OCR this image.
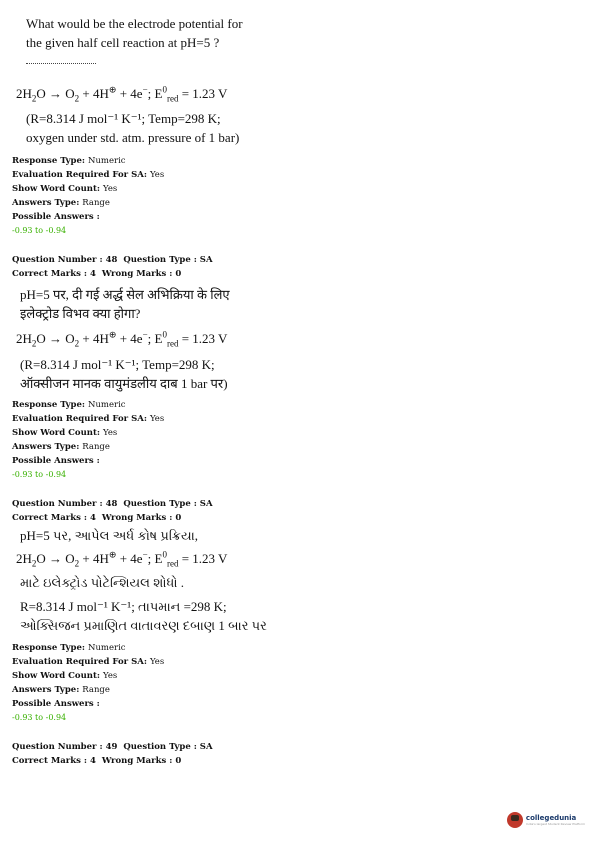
What would be the electrode potential for
the given half cell reaction at pH=5 ?
$2H_2O \to O_2 + 4H^\oplus + 4e^-$; $E^0_{red} = 1.23$ V
(R=8.314 J mol⁻¹ K⁻¹; Temp=298 K;
oxygen under std. atm. pressure of 1 bar)
Response Type: Numeric
Evaluation Required For SA: Yes
Show Word Count: Yes
Answers Type: Range
Possible Answers :
-0.93 to -0.94
Question Number : 48 Question Type : SA
Correct Marks : 4 Wrong Marks : 0
pH=5 पर, दी गई अर्द्ध सेल अभिक्रिया के लिए
इलेक्ट्रोड विभव क्या होगा?
$2H_2O \to O_2 + 4H^\oplus + 4e^-$; $E^0_{red} = 1.23$ V
(R=8.314 J mol⁻¹ K⁻¹; Temp=298 K;
ऑक्सीजन मानक वायुमंडलीय दाब 1 bar पर)
Response Type: Numeric
Evaluation Required For SA: Yes
Show Word Count: Yes
Answers Type: Range
Possible Answers :
-0.93 to -0.94
Question Number : 48 Question Type : SA
Correct Marks : 4 Wrong Marks : 0
pH=5 પર, આપેલ અર્ધ કોષ પ્રક્રિયા,
$2H_2O \to O_2 + 4H^\oplus + 4e^-$; $E^0_{red} = 1.23$ V
માટે ઇલેક્ટ્રોડ પોટેન્શિયલ શોધો .
R=8.314 J mol⁻¹ K⁻¹; તાપમાન =298 K;
ઓક્સિજન પ્રમાણિત વાતાવરણ દબાણ 1 બાર પર
Response Type: Numeric
Evaluation Required For SA: Yes
Show Word Count: Yes
Answers Type: Range
Possible Answers :
-0.93 to -0.94
Question Number : 49 Question Type : SA
Correct Marks : 4 Wrong Marks : 0
collegedunia
India's largest Student Review Platform
